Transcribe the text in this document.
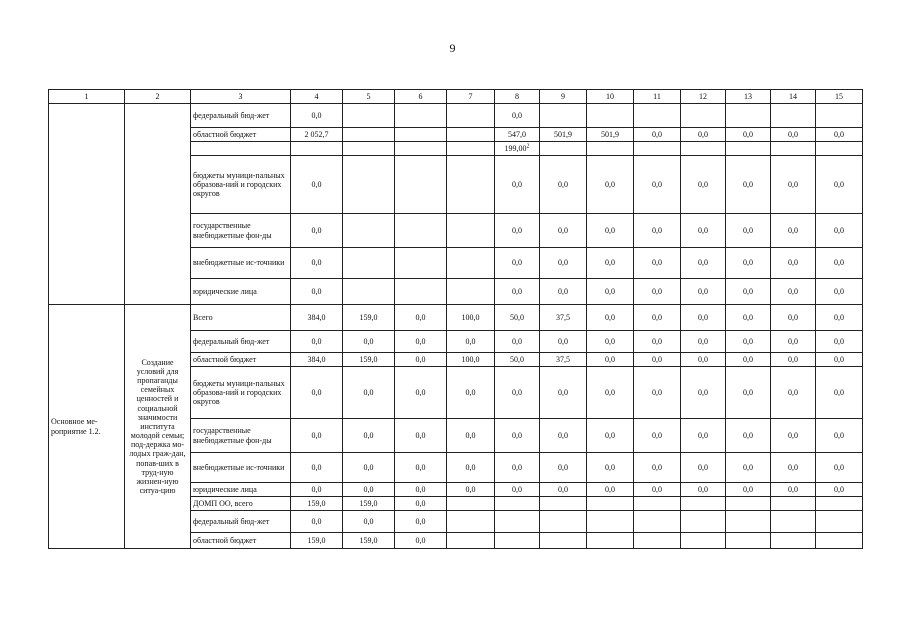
9
1	2	3	4	5	6	7	8	9	10	11	12	13	14	15
		федеральный бюд-жет	0,0				0,0							
		областной бюджет	2 052,7				547,0	501,9	501,9	0,0	0,0	0,0	0,0	0,0
							199,00$^2$							
		бюджеты муници-пальных образова-ний и городских округов	0,0				0,0	0,0	0,0	0,0	0,0	0,0	0,0	0,0
		государственные внебюджетные фон-ды	0,0				0,0	0,0	0,0	0,0	0,0	0,0	0,0	0,0
		внебюджетные ис-точники	0,0				0,0	0,0	0,0	0,0	0,0	0,0	0,0	0,0
		юридические лица	0,0				0,0	0,0	0,0	0,0	0,0	0,0	0,0	0,0
Основное ме-роприятие 1.2.	Создание условий для пропаганды семейных ценностей и социальной значимости института молодой семьи; под-держка мо-лодых граж-дан, попав-ших в труд-ную жизнен-ную ситуа-цию	Всего	384,0	159,0	0,0	100,0	50,0	37,5	0,0	0,0	0,0	0,0	0,0	0,0
		федеральный бюд-жет	0,0	0,0	0,0	0,0	0,0	0,0	0,0	0,0	0,0	0,0	0,0	0,0
		областной бюджет	384,0	159,0	0,0	100,0	50,0	37,5	0,0	0,0	0,0	0,0	0,0	0,0
		бюджеты муници-пальных образова-ний и городских округов	0,0	0,0	0,0	0,0	0,0	0,0	0,0	0,0	0,0	0,0	0,0	0,0
		государственные внебюджетные фон-ды	0,0	0,0	0,0	0,0	0,0	0,0	0,0	0,0	0,0	0,0	0,0	0,0
		внебюджетные ис-точники	0,0	0,0	0,0	0,0	0,0	0,0	0,0	0,0	0,0	0,0	0,0	0,0
		юридические лица	0,0	0,0	0,0	0,0	0,0	0,0	0,0	0,0	0,0	0,0	0,0	0,0
		ДОМП ОО, всего	159,0	159,0	0,0									
		федеральный бюд-жет	0,0	0,0	0,0									
		областной бюджет	159,0	159,0	0,0									
